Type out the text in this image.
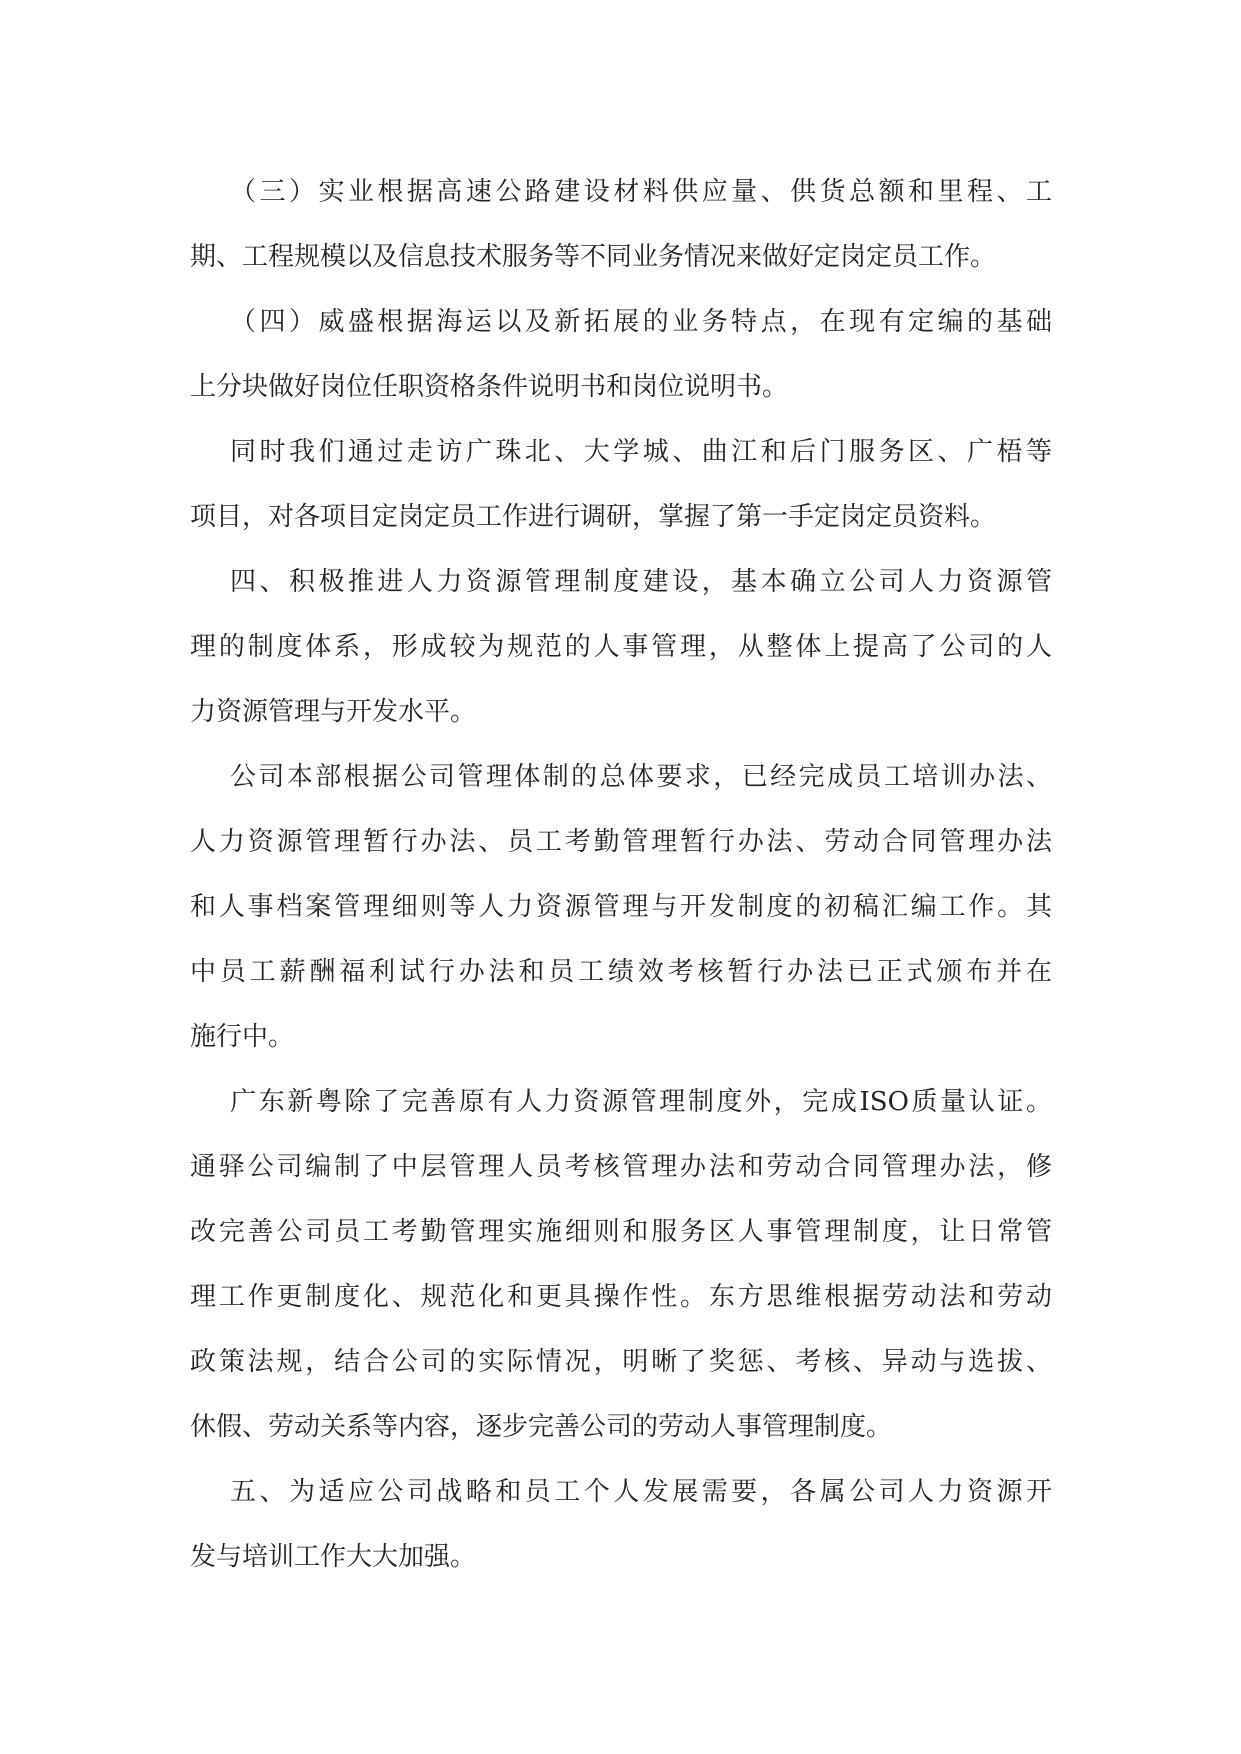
（三）实业根据高速公路建设材料供应量、供货总额和里程、工
期、工程规模以及信息技术服务等不同业务情况来做好定岗定员工作。

（四）威盛根据海运以及新拓展的业务特点，在现有定编的基础
上分块做好岗位任职资格条件说明书和岗位说明书。

同时我们通过走访广珠北、大学城、曲江和后门服务区、广梧等
项目，对各项目定岗定员工作进行调研，掌握了第一手定岗定员资料。

四、积极推进人力资源管理制度建设，基本确立公司人力资源管
理的制度体系，形成较为规范的人事管理，从整体上提高了公司的人
力资源管理与开发水平。

公司本部根据公司管理体制的总体要求，已经完成员工培训办法、
人力资源管理暂行办法、员工考勤管理暂行办法、劳动合同管理办法
和人事档案管理细则等人力资源管理与开发制度的初稿汇编工作。其
中员工薪酬福利试行办法和员工绩效考核暂行办法已正式颁布并在
施行中。

广东新粤除了完善原有人力资源管理制度外，完成ISO质量认证。
通驿公司编制了中层管理人员考核管理办法和劳动合同管理办法，修
改完善公司员工考勤管理实施细则和服务区人事管理制度，让日常管
理工作更制度化、规范化和更具操作性。东方思维根据劳动法和劳动
政策法规，结合公司的实际情况，明晰了奖惩、考核、异动与选拔、
休假、劳动关系等内容，逐步完善公司的劳动人事管理制度。

五、为适应公司战略和员工个人发展需要，各属公司人力资源开
发与培训工作大大加强。
